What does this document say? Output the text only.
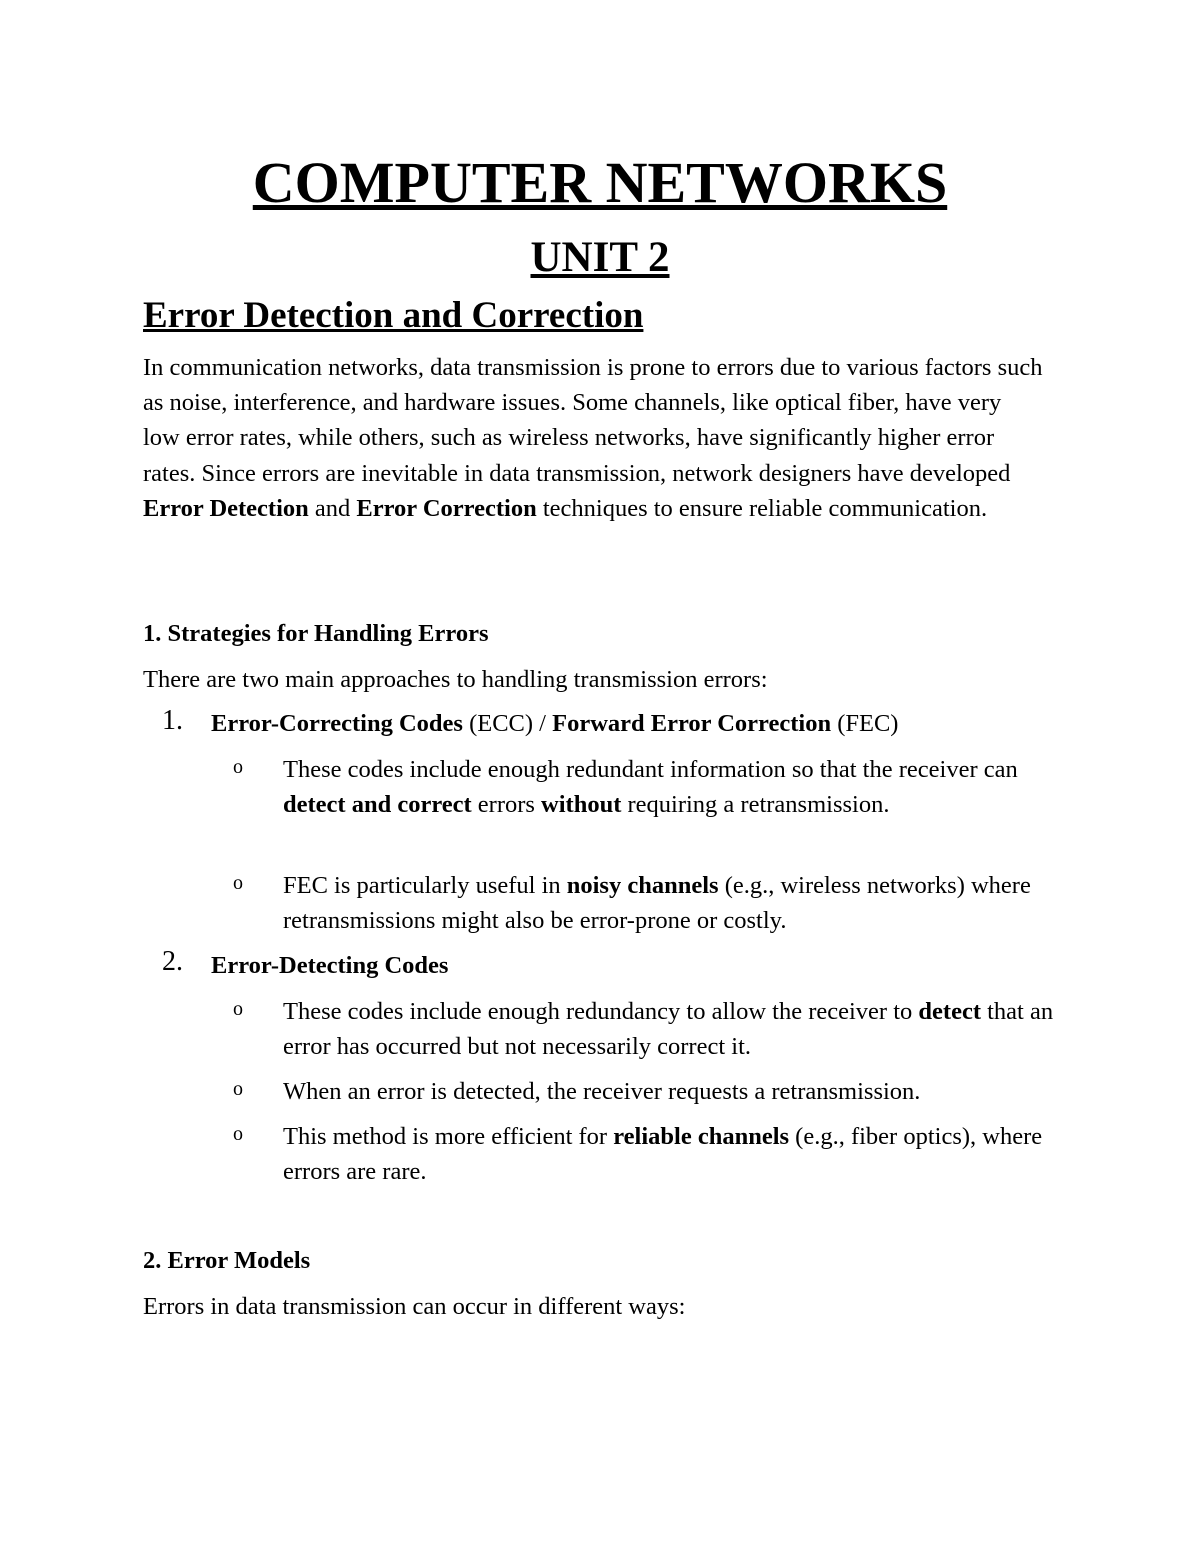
COMPUTER NETWORKS
UNIT 2
Error Detection and Correction

In communication networks, data transmission is prone to errors due to various factors such as noise, interference, and hardware issues. Some channels, like optical fiber, have very low error rates, while others, such as wireless networks, have significantly higher error rates. Since errors are inevitable in data transmission, network designers have developed Error Detection and Error Correction techniques to ensure reliable communication.

1. Strategies for Handling Errors

There are two main approaches to handling transmission errors:

1. Error-Correcting Codes (ECC) / Forward Error Correction (FEC)

o These codes include enough redundant information so that the receiver can detect and correct errors without requiring a retransmission.

o FEC is particularly useful in noisy channels (e.g., wireless networks) where retransmissions might also be error-prone or costly.

2. Error-Detecting Codes

o These codes include enough redundancy to allow the receiver to detect that an error has occurred but not necessarily correct it.

o When an error is detected, the receiver requests a retransmission.

o This method is more efficient for reliable channels (e.g., fiber optics), where errors are rare.

2. Error Models

Errors in data transmission can occur in different ways:
